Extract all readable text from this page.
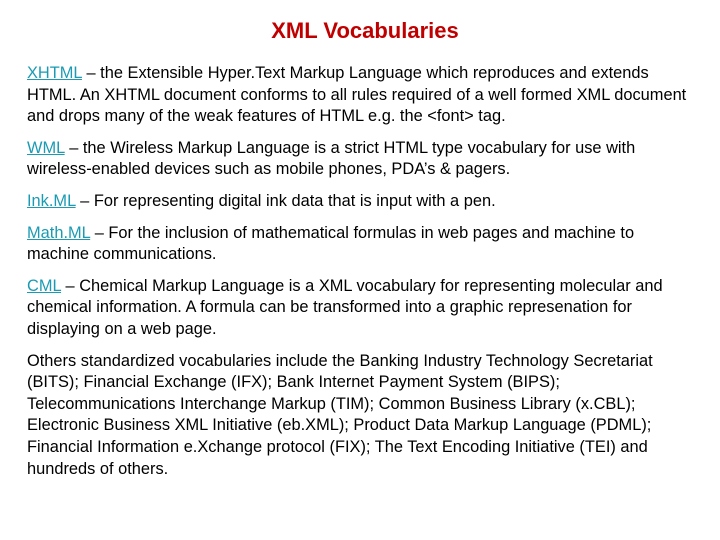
XML Vocabularies

XHTML – the Extensible Hyper.Text Markup Language which reproduces and extends HTML. An XHTML document conforms to all rules required of a well formed XML document and drops many of the weak features of HTML e.g. the <font> tag.

WML – the Wireless Markup Language is a strict HTML type vocabulary for use with wireless-enabled devices such as mobile phones, PDA’s & pagers.

Ink.ML – For representing digital ink data that is input with a pen.

Math.ML – For the inclusion of mathematical formulas in web pages and machine to machine communications.

CML – Chemical Markup Language is a XML vocabulary for representing molecular and chemical information. A formula can be transformed into a graphic represenation for displaying on a web page.

Others standardized vocabularies include the Banking Industry Technology Secretariat (BITS); Financial Exchange (IFX); Bank Internet Payment System (BIPS); Telecommunications Interchange Markup (TIM); Common Business Library (x.CBL); Electronic Business XML Initiative (eb.XML); Product Data Markup Language (PDML); Financial Information e.Xchange protocol (FIX); The Text Encoding Initiative (TEI) and hundreds of others.
